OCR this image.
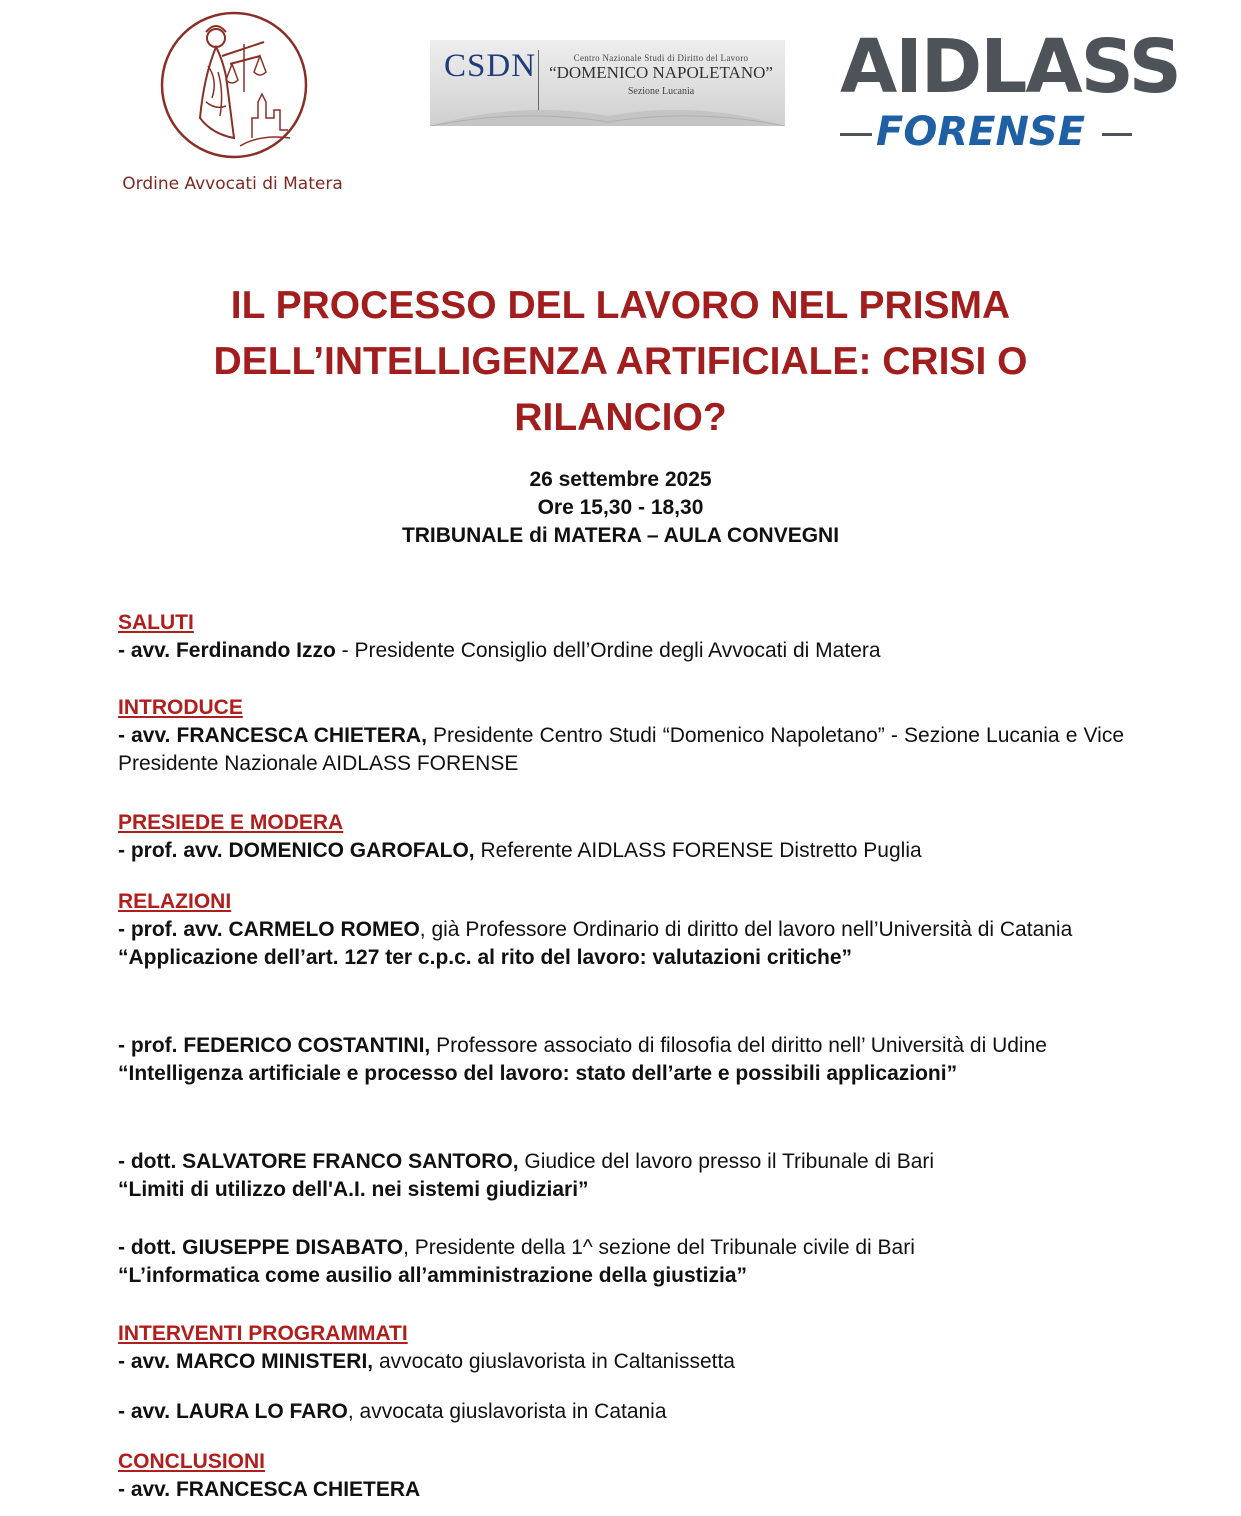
Ordine Avvocati di Matera
CSDN	Centro Nazionale Studi di Diritto del Lavoro
“DOMENICO NAPOLETANO”
Sezione Lucania	AIDLASS
FORENSE
IL PROCESSO DEL LAVORO NEL PRISMA
DELL’INTELLIGENZA ARTIFICIALE: CRISI O
RILANCIO?
26 settembre 2025
Ore 15,30 - 18,30
TRIBUNALE di MATERA – AULA CONVEGNI
SALUTI
- avv. Ferdinando Izzo - Presidente Consiglio dell’Ordine degli Avvocati di Matera
INTRODUCE
- avv. FRANCESCA CHIETERA, Presidente Centro Studi “Domenico Napoletano” - Sezione Lucania e Vice Presidente Nazionale AIDLASS FORENSE
PRESIEDE E MODERA
- prof. avv. DOMENICO GAROFALO, Referente AIDLASS FORENSE Distretto Puglia
RELAZIONI
- prof. avv. CARMELO ROMEO, già Professore Ordinario di diritto del lavoro nell’Università di Catania
“Applicazione dell’art. 127 ter c.p.c. al rito del lavoro: valutazioni critiche”
- prof. FEDERICO COSTANTINI, Professore associato di filosofia del diritto nell’ Università di Udine
“Intelligenza artificiale e processo del lavoro: stato dell’arte e possibili applicazioni”
- dott. SALVATORE FRANCO SANTORO, Giudice del lavoro presso il Tribunale di Bari
“Limiti di utilizzo dell'A.I. nei sistemi giudiziari”
- dott. GIUSEPPE DISABATO, Presidente della 1^ sezione del Tribunale civile di Bari
“L’informatica come ausilio all’amministrazione della giustizia”
INTERVENTI PROGRAMMATI
- avv. MARCO MINISTERI, avvocato giuslavorista in Caltanissetta
- avv. LAURA LO FARO, avvocata giuslavorista in Catania
CONCLUSIONI
- avv. FRANCESCA CHIETERA
